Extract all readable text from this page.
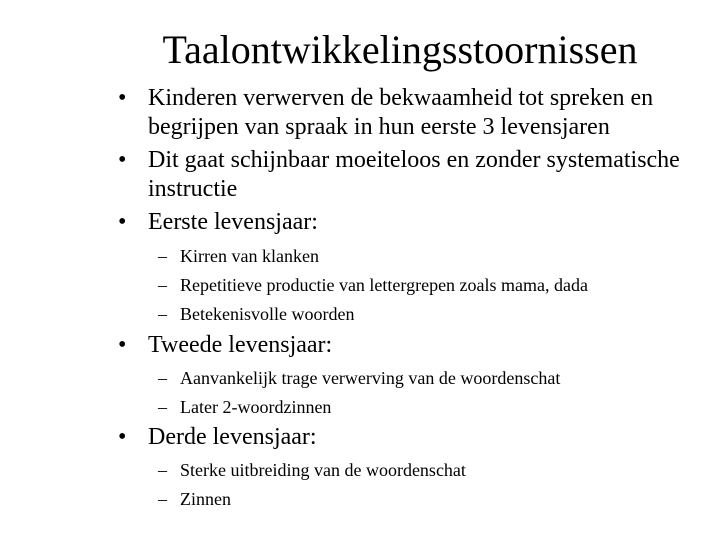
Taalontwikkelingsstoornissen

• Kinderen verwerven de bekwaamheid tot spreken en begrijpen van spraak in hun eerste 3 levensjaren

• Dit gaat schijnbaar moeiteloos en zonder systematische instructie

• Eerste levensjaar:

– Kirren van klanken

– Repetitieve productie van lettergrepen zoals mama, dada

– Betekenisvolle woorden

• Tweede levensjaar:

– Aanvankelijk trage verwerving van de woordenschat

– Later 2-woordzinnen

• Derde levensjaar:

– Sterke uitbreiding van de woordenschat

– Zinnen
